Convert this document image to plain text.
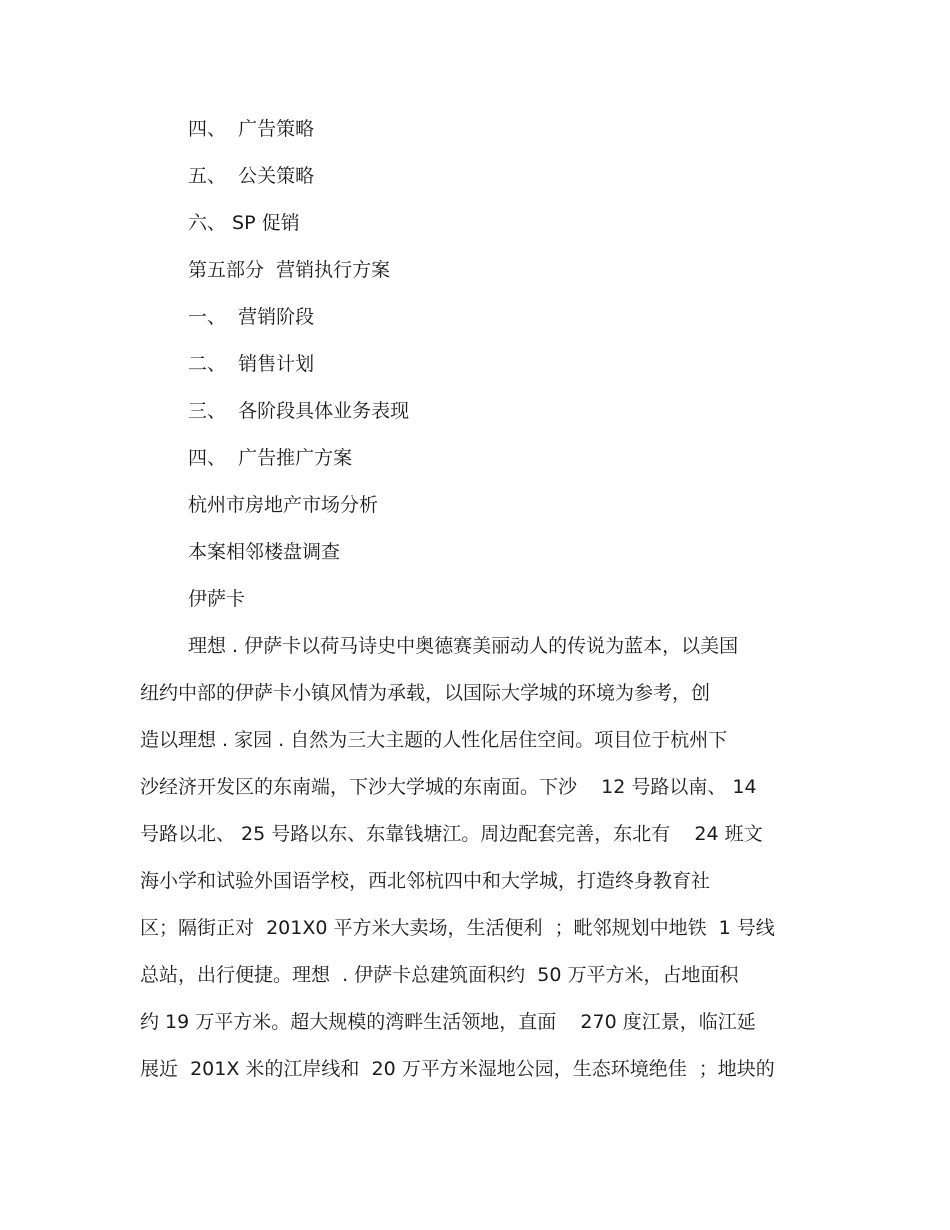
四、  广告策略
五、  公关策略
六、 SP 促销
第五部分  营销执行方案
一、  营销阶段
二、  销售计划
三、  各阶段具体业务表现
四、  广告推广方案
杭州市房地产市场分析
本案相邻楼盘调查
伊萨卡
理想 . 伊萨卡以荷马诗史中奥德赛美丽动人的传说为蓝本，以美国
纽约中部的伊萨卡小镇风情为承载，以国际大学城的环境为参考，创
造以理想 . 家园 . 自然为三大主题的人性化居住空间。项目位于杭州下
沙经济开发区的东南端，下沙大学城的东南面。下沙    12 号路以南、 14
号路以北、 25 号路以东、东靠钱塘江。周边配套完善，东北有    24 班文
海小学和试验外国语学校，西北邻杭四中和大学城，打造终身教育社
区；隔街正对  201X0 平方米大卖场，生活便利  ；毗邻规划中地铁  1 号线
总站，出行便捷。理想  . 伊萨卡总建筑面积约  50 万平方米，占地面积
约 19 万平方米。超大规模的湾畔生活领地，直面    270 度江景，临江延
展近  201X 米的江岸线和  20 万平方米湿地公园，生态环境绝佳  ；地块的
